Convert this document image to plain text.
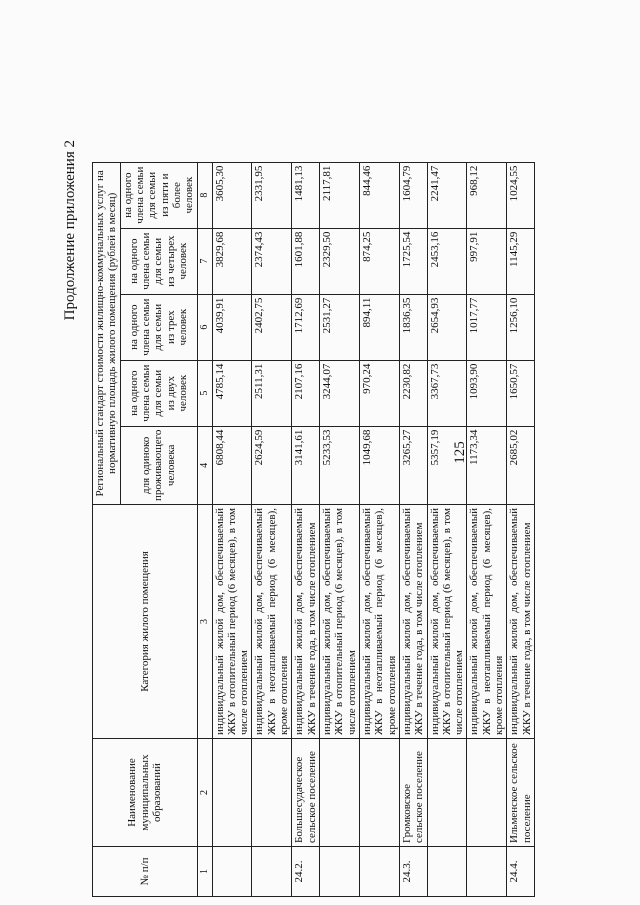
125
Продолжение приложения 2
№ п/п	Наименование муниципальных образований	Категория жилого помещения	Региональный стандарт стоимости жилищно-коммунальных услуг на нормативную площадь жилого помещения (рублей в месяц)				
			для одиноко проживающего человека	на одного члена семьи для семьи из двух человек	на одного члена семьи для семьи из трех человек	на одного члена семьи для семьи из четырех человек	на одного члена семьи для семьи из пяти и более человек
1	2	3	4	5	6	7	8
		индивидуальный жилой дом, обеспечиваемый ЖКУ в отопительный период (6 месяцев), в том числе отоплением	6808,44	4785,14	4039,91	3829,68	3605,30
		индивидуальный жилой дом, обеспечиваемый ЖКУ в неотапливаемый период (6 месяцев), кроме отопления	2624,59	2511,31	2402,75	2374,43	2331,95
24.2.	Большесудаческое сельское поселение	индивидуальный жилой дом, обеспечиваемый ЖКУ в течение года, в том числе отоплением	3141,61	2107,16	1712,69	1601,88	1481,13
		индивидуальный жилой дом, обеспечиваемый ЖКУ в отопительный период (6 месяцев), в том числе отоплением	5233,53	3244,07	2531,27	2329,50	2117,81
		индивидуальный жилой дом, обеспечиваемый ЖКУ в неотапливаемый период (6 месяцев), кроме отопления	1049,68	970,24	894,11	874,25	844,46
24.3.	Громковское сельское поселение	индивидуальный жилой дом, обеспечиваемый ЖКУ в течение года, в том числе отоплением	3265,27	2230,82	1836,35	1725,54	1604,79
		индивидуальный жилой дом, обеспечиваемый ЖКУ в отопительный период (6 месяцев), в том числе отоплением	5357,19	3367,73	2654,93	2453,16	2241,47
		индивидуальный жилой дом, обеспечиваемый ЖКУ в неотапливаемый период (6 месяцев), кроме отопления	1173,34	1093,90	1017,77	997,91	968,12
24.4.	Ильменское сельское поселение	индивидуальный жилой дом, обеспечиваемый ЖКУ в течение года, в том числе отоплением	2685,02	1650,57	1256,10	1145,29	1024,55
